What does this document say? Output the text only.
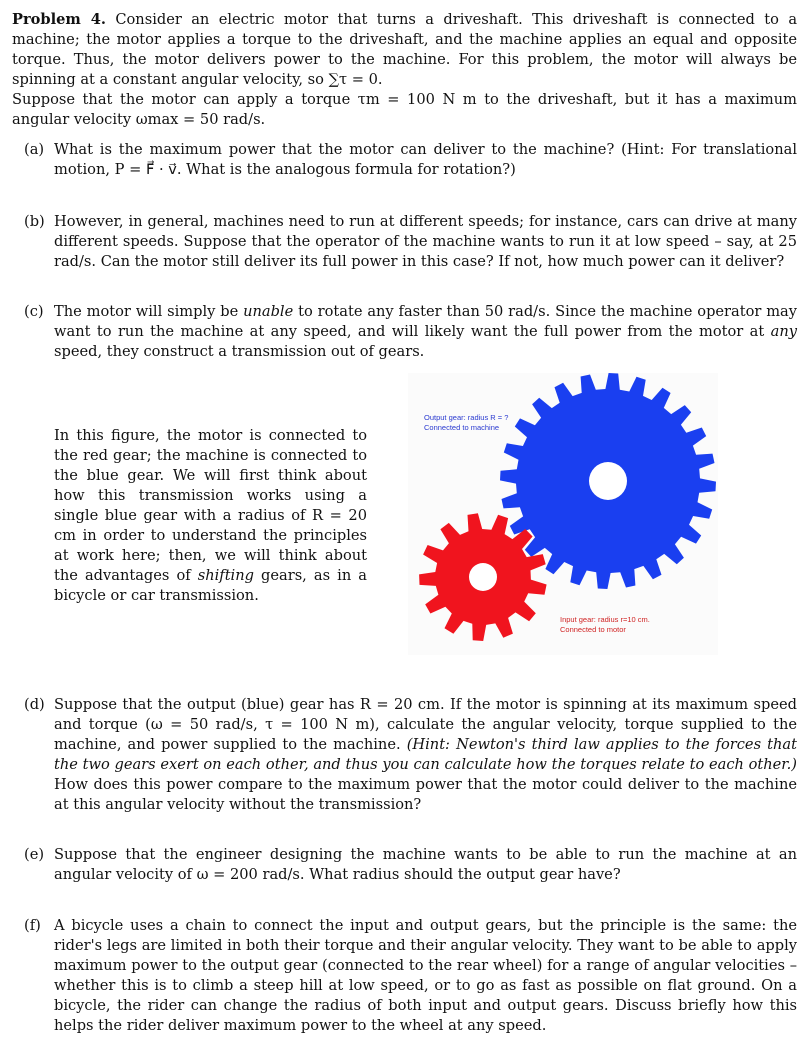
Problem 4. Consider an electric motor that turns a driveshaft. This driveshaft is connected to a machine; the motor applies a torque to the driveshaft, and the machine applies an equal and opposite torque. Thus, the motor delivers power to the machine. For this problem, the motor will always be spinning at a constant angular velocity, so ∑τ = 0.

Suppose that the motor can apply a torque τm = 100 N m to the driveshaft, but it has a maximum angular velocity ωmax = 50 rad/s.

(a) What is the maximum power that the motor can deliver to the machine? (Hint: For translational motion, P = F⃗ · v⃗. What is the analogous formula for rotation?)
(b) However, in general, machines need to run at different speeds; for instance, cars can drive at many different speeds. Suppose that the operator of the machine wants to run it at low speed – say, at 25 rad/s. Can the motor still deliver its full power in this case? If not, how much power can it deliver?
(c) The motor will simply be unable to rotate any faster than 50 rad/s. Since the machine operator may want to run the machine at any speed, and will likely want the full power from the motor at any speed, they construct a transmission out of gears.

In this figure, the motor is connected to the red gear; the machine is connected to the blue gear. We will first think about how this transmission works using a single blue gear with a radius of R = 20 cm in order to understand the principles at work here; then, we will think about the advantages of shifting gears, as in a bicycle or car transmission.

Output gear: radius R = ?
Connected to machine
Input gear: radius r=10 cm.
Connected to motor
(d) Suppose that the output (blue) gear has R = 20 cm. If the motor is spinning at its maximum speed and torque (ω = 50 rad/s, τ = 100 N m), calculate the angular velocity, torque supplied to the machine, and power supplied to the machine. (Hint: Newton's third law applies to the forces that the two gears exert on each other, and thus you can calculate how the torques relate to each other.) How does this power compare to the maximum power that the motor could deliver to the machine at this angular velocity without the transmission?
(e) Suppose that the engineer designing the machine wants to be able to run the machine at an angular velocity of ω = 200 rad/s. What radius should the output gear have?
(f) A bicycle uses a chain to connect the input and output gears, but the principle is the same: the rider's legs are limited in both their torque and their angular velocity. They want to be able to apply maximum power to the output gear (connected to the rear wheel) for a range of angular velocities – whether this is to climb a steep hill at low speed, or to go as fast as possible on flat ground. On a bicycle, the rider can change the radius of both input and output gears. Discuss briefly how this helps the rider deliver maximum power to the wheel at any speed.
